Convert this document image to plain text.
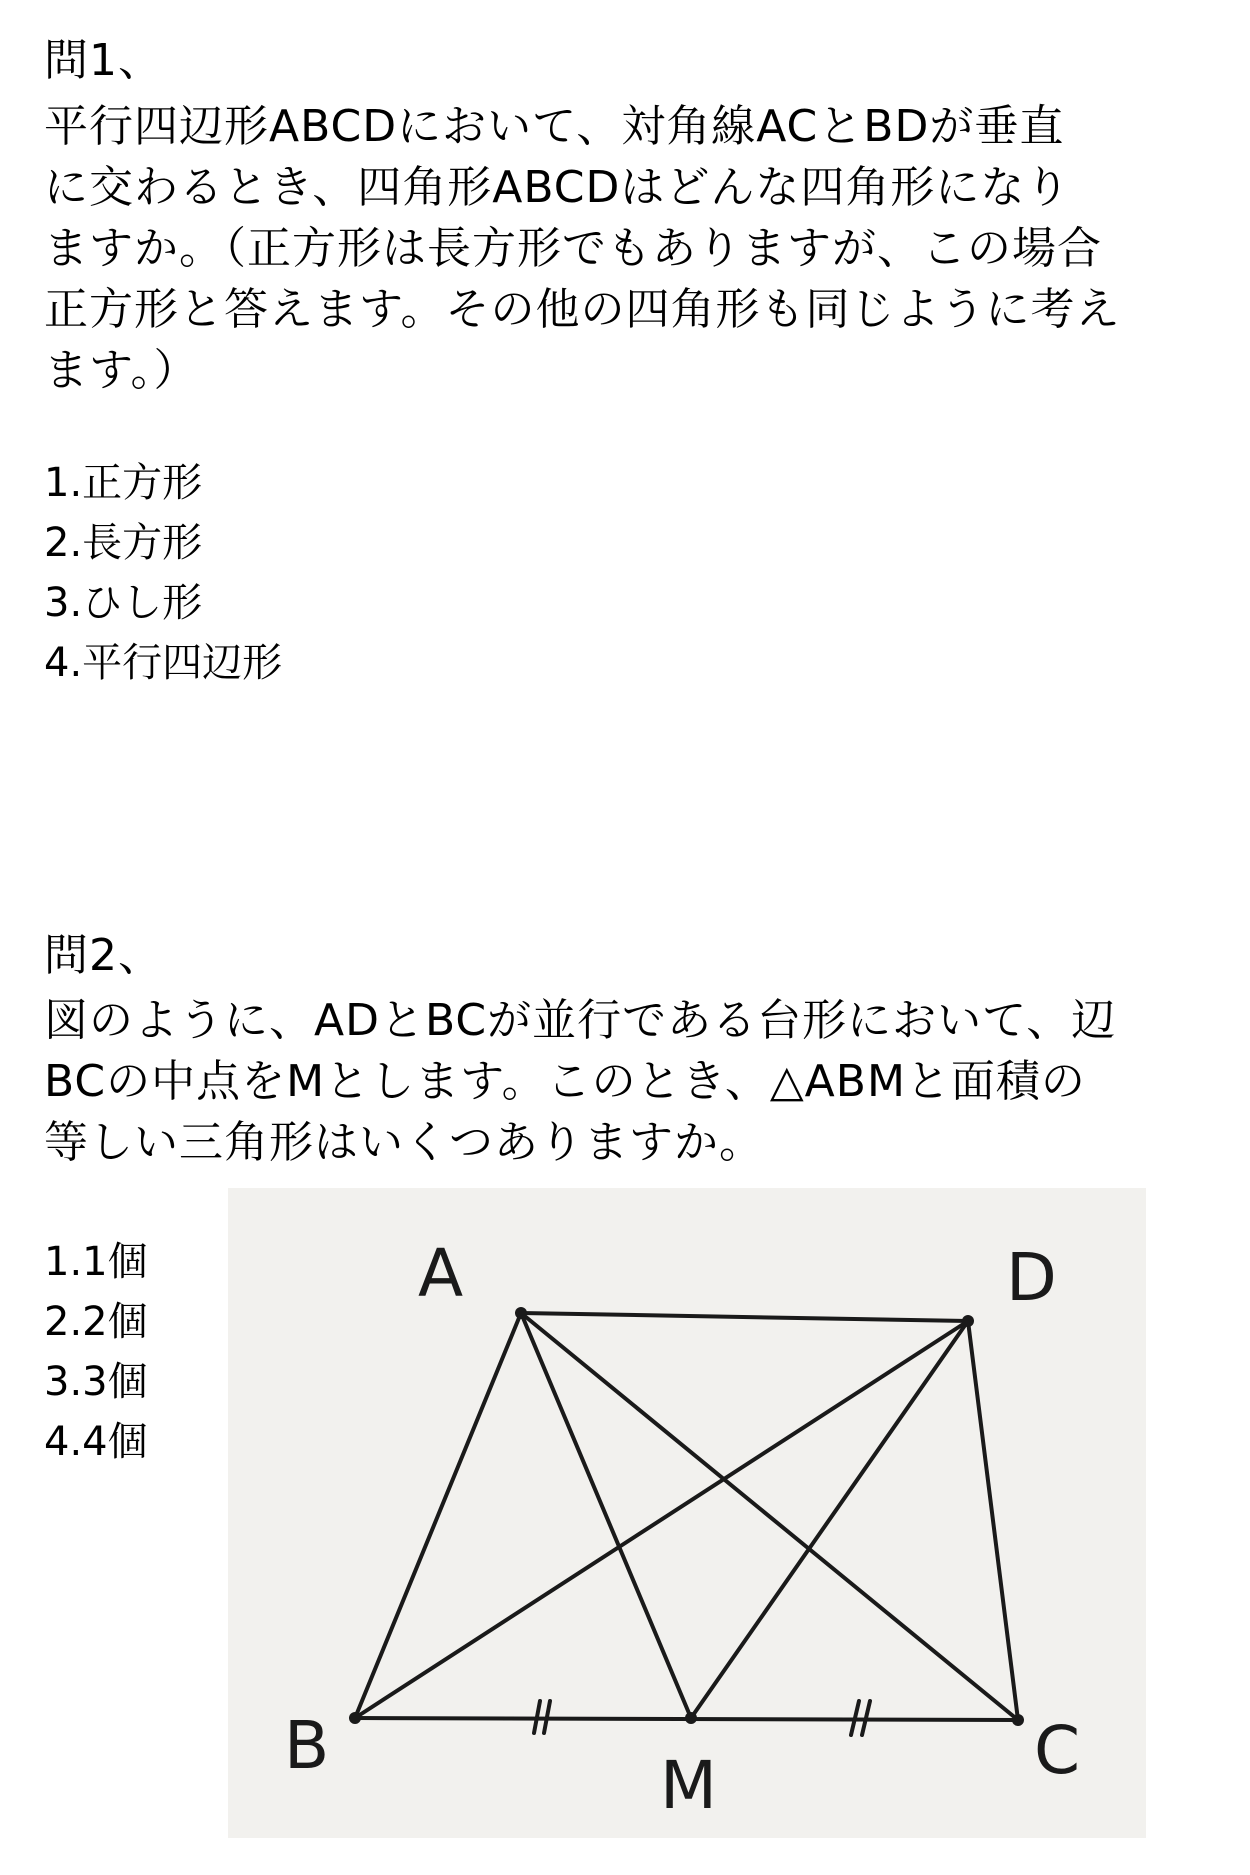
問1、
平行四辺形ABCDにおいて、対角線ACとBDが垂直
に交わるとき、四角形ABCDはどんな四角形になり
ますか。（正方形は長方形でもありますが、この場合
正方形と答えます。その他の四角形も同じように考え
ます。）
1.正方形
2.長方形
3.ひし形
4.平行四辺形
問2、
図のように、ADとBCが並行である台形において、辺
BCの中点をMとします。このとき、△ABMと面積の
等しい三角形はいくつありますか。
1.1個
2.2個
3.3個
4.4個
A	D
B	C
M
